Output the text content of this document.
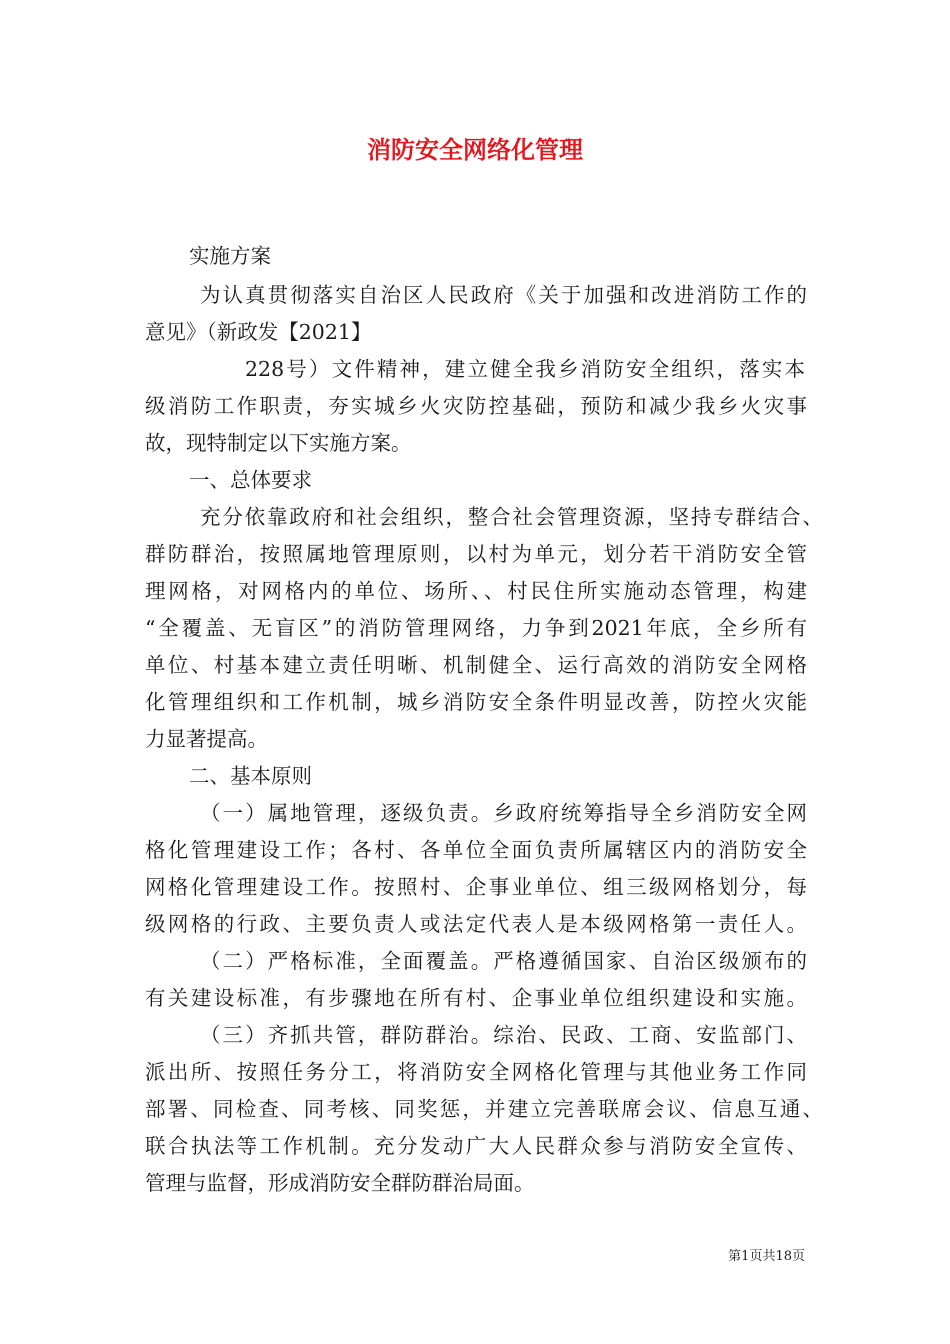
消防安全网络化管理

实施方案

为认真贯彻落实自治区人民政府《关于加强和改进消防工作的

意见》（新政发【2021】

228号）文件精神，建立健全我乡消防安全组织，落实本

级消防工作职责，夯实城乡火灾防控基础，预防和减少我乡火灾事

故，现特制定以下实施方案。

一、总体要求

充分依靠政府和社会组织，整合社会管理资源，坚持专群结合、

群防群治，按照属地管理原则，以村为单元，划分若干消防安全管

理网格，对网格内的单位、场所、、村民住所实施动态管理，构建

“全覆盖、无盲区”的消防管理网络，力争到2021年底，全乡所有

单位、村基本建立责任明晰、机制健全、运行高效的消防安全网格

化管理组织和工作机制，城乡消防安全条件明显改善，防控火灾能

力显著提高。

二、基本原则

（一）属地管理，逐级负责。乡政府统筹指导全乡消防安全网

格化管理建设工作；各村、各单位全面负责所属辖区内的消防安全

网格化管理建设工作。按照村、企事业单位、组三级网格划分，每

级网格的行政、主要负责人或法定代表人是本级网格第一责任人。

（二）严格标准，全面覆盖。严格遵循国家、自治区级颁布的

有关建设标准，有步骤地在所有村、企事业单位组织建设和实施。

（三）齐抓共管，群防群治。综治、民政、工商、安监部门、

派出所、按照任务分工，将消防安全网格化管理与其他业务工作同

部署、同检查、同考核、同奖惩，并建立完善联席会议、信息互通、

联合执法等工作机制。充分发动广大人民群众参与消防安全宣传、

管理与监督，形成消防安全群防群治局面。

第1页共18页
